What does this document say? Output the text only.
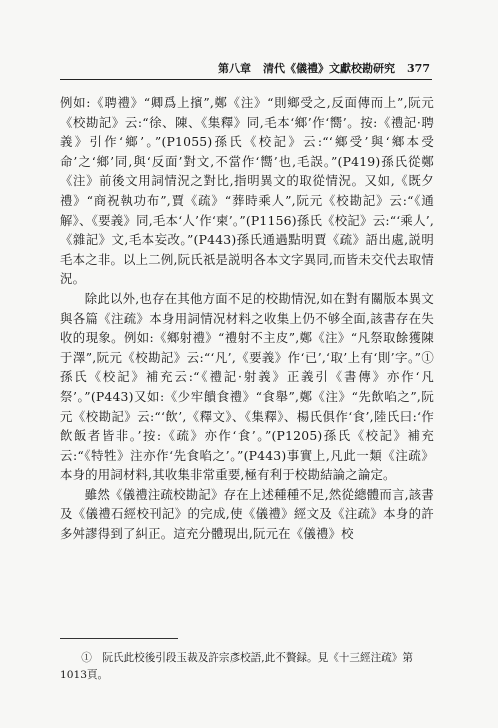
第八章 清代《儀禮》文獻校勘研究 377

例如:《聘禮》“卿爲上擯”,鄭《注》“則鄉受之,反面傳而上”,阮元《校勘記》云:“徐、陳、《集釋》同,毛本‘鄉’作‘嚮’。按:《禮記·聘義》引作‘鄉’。”(P1055)孫氏《校記》云:“‘鄉受’與‘鄉本受命’之‘鄉’同,與‘反面’對文,不當作‘嚮’也,毛誤。”(P419)孫氏從鄭《注》前後文用詞情況之對比,指明異文的取從情況。又如,《既夕禮》“商祝執功布”,賈《疏》“葬時乘人”,阮元《校勘記》云:“《通解》、《要義》同,毛本‘人’作‘柬’。”(P1156)孫氏《校記》云:“‘乘人’,《雜記》文,毛本妄改。”(P443)孫氏通過點明賈《疏》語出處,説明毛本之非。以上二例,阮氏祇是説明各本文字異同,而皆未交代去取情況。

除此以外,也存在其他方面不足的校勘情況,如在對有關版本異文與各篇《注疏》本身用詞情况材料之收集上仍不够全面,該書存在失收的現象。例如:《鄉射禮》“禮射不主皮”,鄭《注》“凡祭取餘獲陳于澤”,阮元《校勘記》云:“‘凡’,《要義》作‘已’,‘取’上有‘則’字。”①孫氏《校記》補充云:“《禮記·射義》正義引《書傳》亦作‘凡祭’。”(P443)又如:《少牢饋食禮》“食舉”,鄭《注》“先飲啗之”,阮元《校勘記》云:“‘飲’,《釋文》、《集釋》、楊氏俱作‘食’,陸氏曰:‘作飲飯者皆非。’按:《疏》亦作‘食’。”(P1205)孫氏《校記》補充云:“《特牲》注亦作‘先食啗之’。”(P443)事實上,凡此一類《注疏》本身的用詞材料,其收集非常重要,極有利于校勘結論之論定。

雖然《儀禮注疏校勘記》存在上述種種不足,然從總體而言,該書及《儀禮石經校刊記》的完成,使《儀禮》經文及《注疏》本身的許多舛謬得到了糾正。這充分體現出,阮元在《儀禮》校

①　阮氏此校後引段玉裁及許宗彥校語,此不贅録。見《十三經注疏》第1013頁。
